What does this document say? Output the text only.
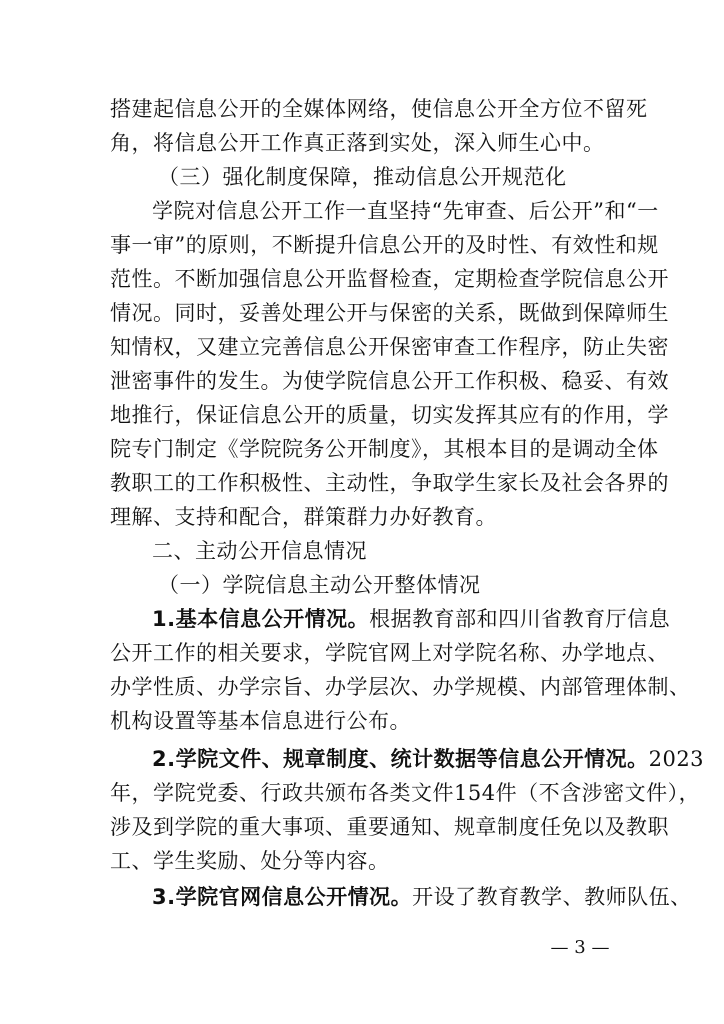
搭建起信息公开的全媒体网络，使信息公开全方位不留死
角，将信息公开工作真正落到实处，深入师生心中。
（三）强化制度保障，推动信息公开规范化
学院对信息公开工作一直坚持“先审查、后公开”和“一
事一审”的原则，不断提升信息公开的及时性、有效性和规
范性。不断加强信息公开监督检查，定期检查学院信息公开
情况。同时，妥善处理公开与保密的关系，既做到保障师生
知情权，又建立完善信息公开保密审查工作程序，防止失密
泄密事件的发生。为使学院信息公开工作积极、稳妥、有效
地推行，保证信息公开的质量，切实发挥其应有的作用，学
院专门制定《学院院务公开制度》，其根本目的是调动全体
教职工的工作积极性、主动性，争取学生家长及社会各界的
理解、支持和配合，群策群力办好教育。
二、主动公开信息情况
（一）学院信息主动公开整体情况
1.基本信息公开情况。根据教育部和四川省教育厅信息
公开工作的相关要求，学院官网上对学院名称、办学地点、
办学性质、办学宗旨、办学层次、办学规模、内部管理体制、
机构设置等基本信息进行公布。
2.学院文件、规章制度、统计数据等信息公开情况。2023
年，学院党委、行政共颁布各类文件154件（不含涉密文件），
涉及到学院的重大事项、重要通知、规章制度任免以及教职
工、学生奖励、处分等内容。
3.学院官网信息公开情况。开设了教育教学、教师队伍、
— 3 —
